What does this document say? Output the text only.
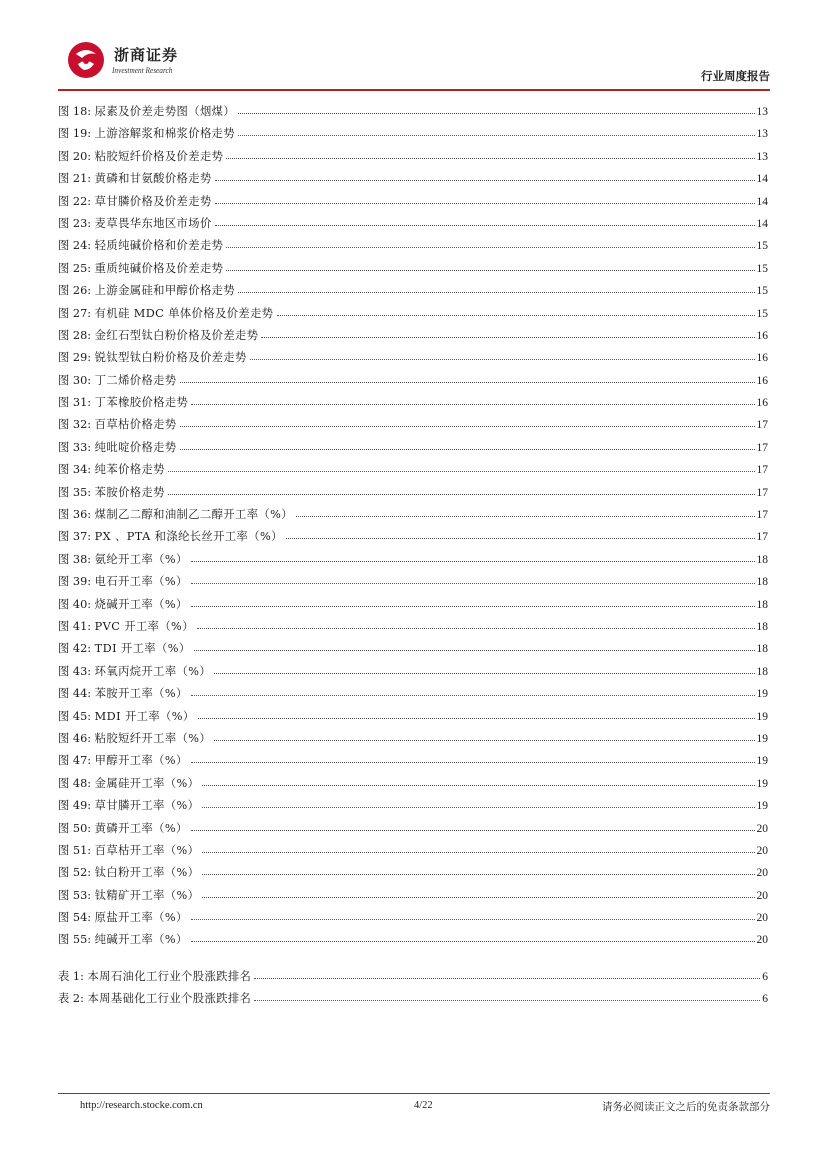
浙商证券
Investment Research	行业周度报告
图 18:
尿素及价差走势图（烟煤）	13
图 19:
上游溶解浆和棉浆价格走势	13
图 20:
粘胶短纤价格及价差走势	13
图 21:
黄磷和甘氨酸价格走势	14
图 22:
草甘膦价格及价差走势	14
图 23:
麦草畏华东地区市场价	14
图 24:
轻质纯碱价格和价差走势	15
图 25:
重质纯碱价格及价差走势	15
图 26:
上游金属硅和甲醇价格走势	15
图 27:
有机硅 MDC 单体价格及价差走势	15
图 28:
金红石型钛白粉价格及价差走势	16
图 29:
锐钛型钛白粉价格及价差走势	16
图 30:
丁二烯价格走势	16
图 31:
丁苯橡胶价格走势	16
图 32:
百草枯价格走势	17
图 33:
纯吡啶价格走势	17
图 34:
纯苯价格走势	17
图 35:
苯胺价格走势	17
图 36:
煤制乙二醇和油制乙二醇开工率（%）	17
图 37:
PX 、PTA 和涤纶长丝开工率（%）	17
图 38:
氨纶开工率（%）	18
图 39:
电石开工率（%）	18
图 40:
烧碱开工率（%）	18
图 41:
PVC 开工率（%）	18
图 42:
TDI 开工率（%）	18
图 43:
环氧丙烷开工率（%）	18
图 44:
苯胺开工率（%）	19
图 45:
MDI 开工率（%）	19
图 46:
粘胶短纤开工率（%）	19
图 47:
甲醇开工率（%）	19
图 48:
金属硅开工率（%）	19
图 49:
草甘膦开工率（%）	19
图 50:
黄磷开工率（%）	20
图 51:
百草枯开工率（%）	20
图 52:
钛白粉开工率（%）	20
图 53:
钛精矿开工率（%）	20
图 54:
原盐开工率（%）	20
图 55:
纯碱开工率（%）	20
表 1:
本周石油化工行业个股涨跌排名	6
表 2:
本周基础化工行业个股涨跌排名	6
http://research.stocke.com.cn	4/22	请务必阅读正文之后的免责条款部分
